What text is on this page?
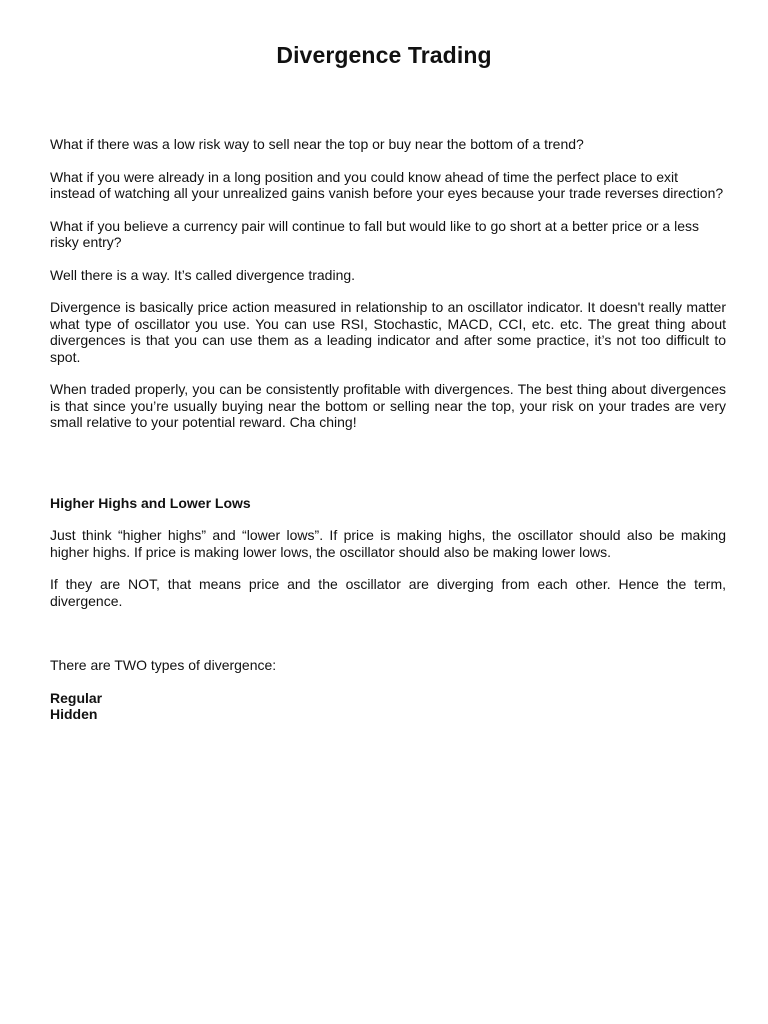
Divergence Trading

What if there was a low risk way to sell near the top or buy near the bottom of a trend?

What if you were already in a long position and you could know ahead of time the perfect place to exit instead of watching all your unrealized gains vanish before your eyes because your trade reverses direction?

What if you believe a currency pair will continue to fall but would like to go short at a better price or a less risky entry?

Well there is a way. It’s called divergence trading.

Divergence is basically price action measured in relationship to an oscillator indicator. It doesn't really matter what type of oscillator you use. You can use RSI, Stochastic, MACD, CCI, etc. etc. The great thing about divergences is that you can use them as a leading indicator and after some practice, it’s not too difficult to spot.

When traded properly, you can be consistently profitable with divergences. The best thing about divergences is that since you’re usually buying near the bottom or selling near the top, your risk on your trades are very small relative to your potential reward. Cha ching!

Higher Highs and Lower Lows

Just think “higher highs” and “lower lows”. If price is making highs, the oscillator should also be making higher highs. If price is making lower lows, the oscillator should also be making lower lows.

If they are NOT, that means price and the oscillator are diverging from each other. Hence the term, divergence.

There are TWO types of divergence:

Regular
Hidden
